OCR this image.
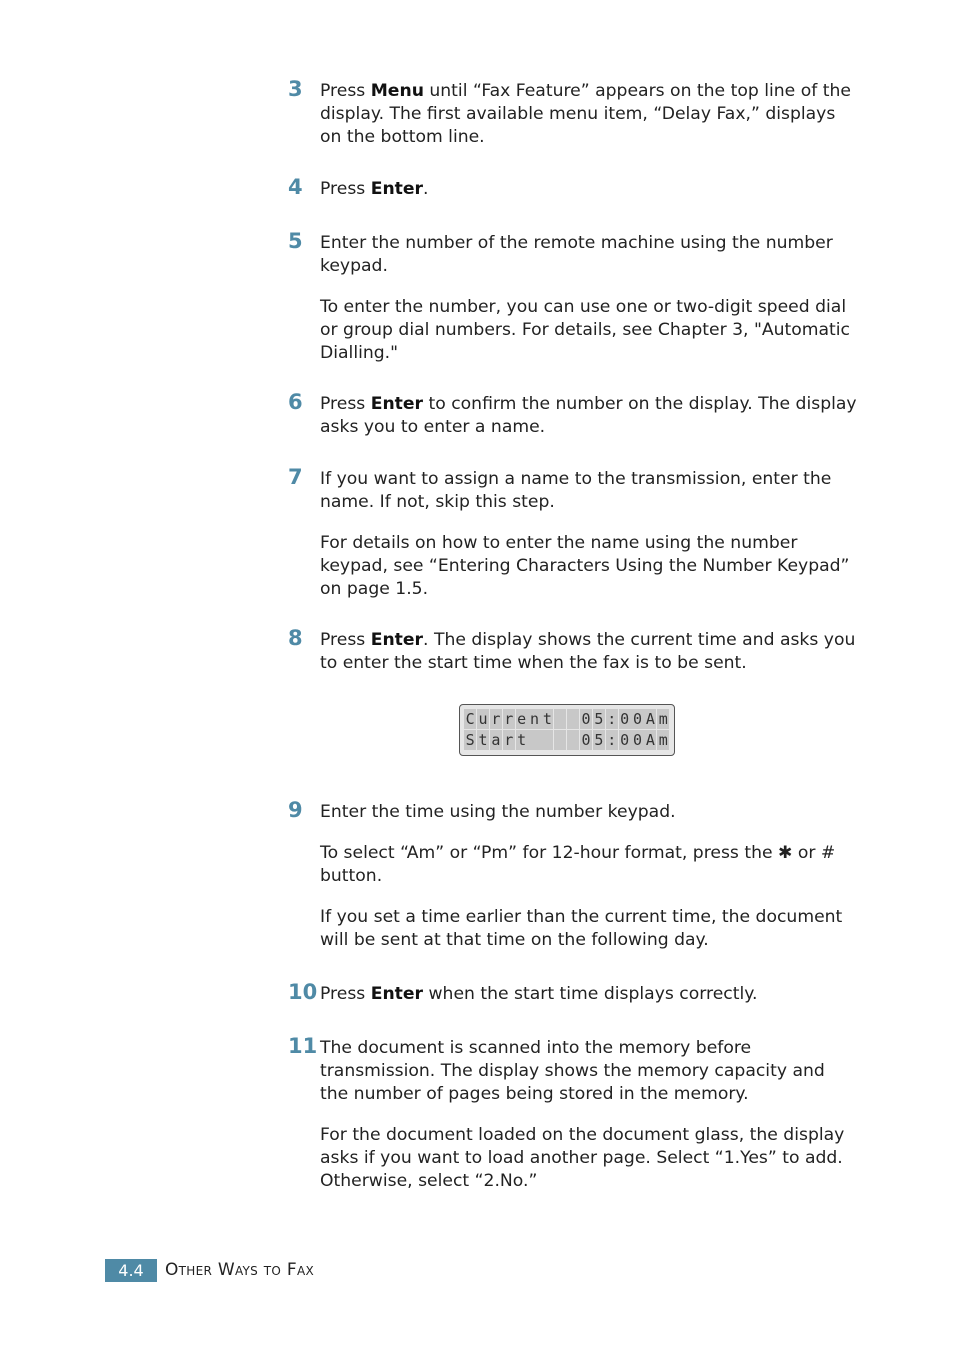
3 Press Menu until “Fax Feature” appears on the top line of the display. The first available menu item, “Delay Fax,” displays on the bottom line.

4 Press Enter.

5 Enter the number of the remote machine using the number keypad.

To enter the number, you can use one or two-digit speed dial or group dial numbers. For details, see Chapter 3, "Automatic Dialling."

6 Press Enter to confirm the number on the display. The display asks you to enter a name.

7 If you want to assign a name to the transmission, enter the name. If not, skip this step.

For details on how to enter the name using the number keypad, see “Entering Characters Using the Number Keypad” on page 1.5.

8 Press Enter. The display shows the current time and asks you to enter the start time when the fax is to be sent.

C u r r e n t

0 5 : 0 0 A m
S t a r t

	0 5 : 0 0 A m
9 Enter the time using the number keypad.

To select “Am” or “Pm” for 12-hour format, press the ✱ or # button.

If you set a time earlier than the current time, the document will be sent at that time on the following day.

10 Press Enter when the start time displays correctly.

11 The document is scanned into the memory before transmission. The display shows the memory capacity and the number of pages being stored in the memory.

For the document loaded on the document glass, the display asks if you want to load another page. Select “1.Yes” to add. Otherwise, select “2.No.”

4.4	Other Ways to Fax
